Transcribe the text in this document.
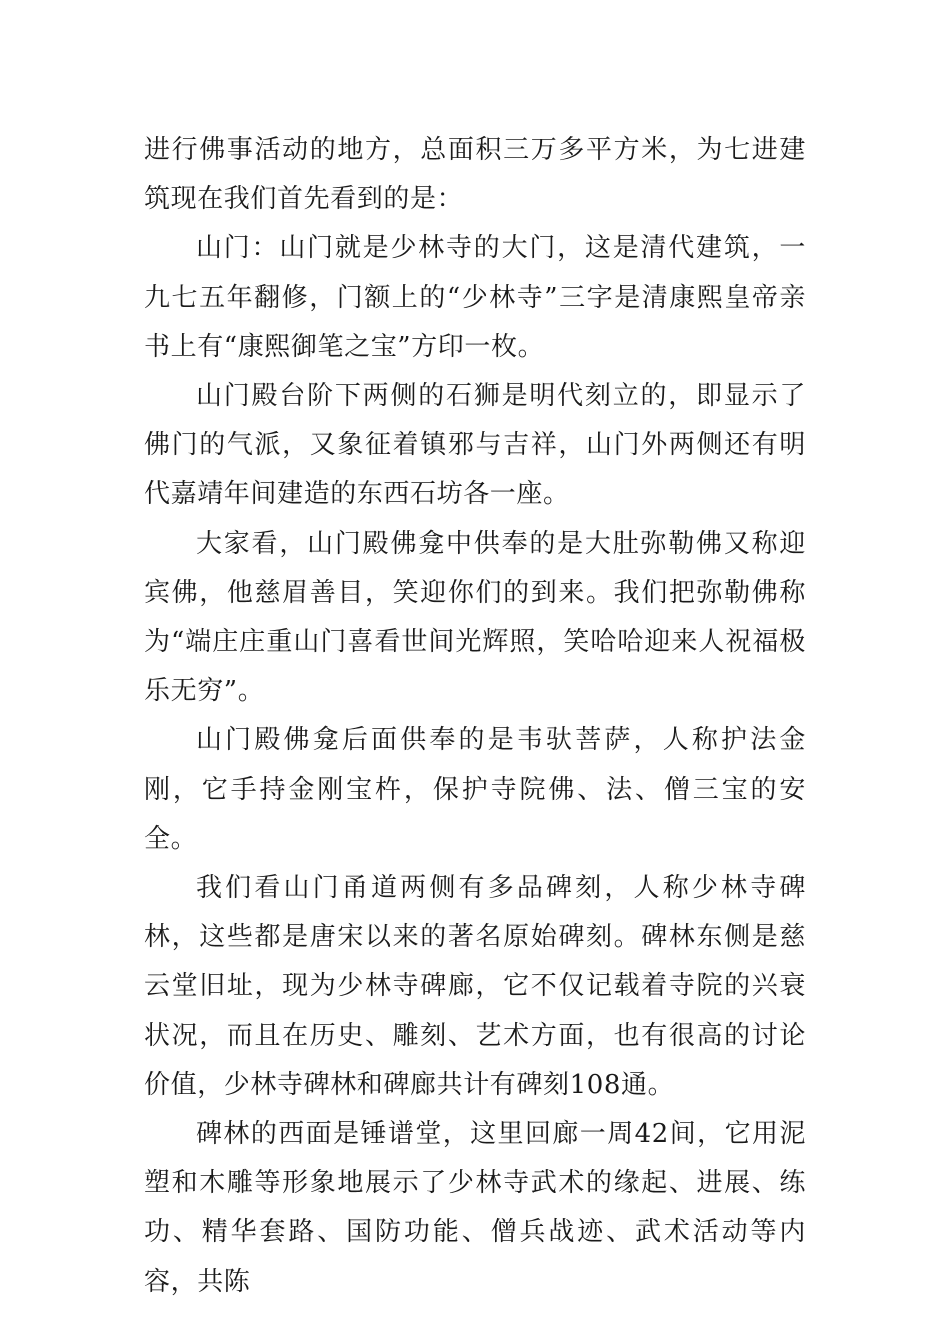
进行佛事活动的地方，总面积三万多平方米，为七进建筑现在我们首先看到的是：

山门：山门就是少林寺的大门，这是清代建筑，一九七五年翻修，门额上的“少林寺”三字是清康熙皇帝亲书上有“康熙御笔之宝”方印一枚。

山门殿台阶下两侧的石狮是明代刻立的，即显示了佛门的气派，又象征着镇邪与吉祥，山门外两侧还有明代嘉靖年间建造的东西石坊各一座。

大家看，山门殿佛龛中供奉的是大肚弥勒佛又称迎宾佛，他慈眉善目，笑迎你们的到来。我们把弥勒佛称为“端庄庄重山门喜看世间光辉照，笑哈哈迎来人祝福极乐无穷”。

山门殿佛龛后面供奉的是韦驮菩萨，人称护法金刚，它手持金刚宝杵，保护寺院佛、法、僧三宝的安全。

我们看山门甬道两侧有多品碑刻，人称少林寺碑林，这些都是唐宋以来的著名原始碑刻。碑林东侧是慈云堂旧址，现为少林寺碑廊，它不仅记载着寺院的兴衰状况，而且在历史、雕刻、艺术方面，也有很高的讨论价值，少林寺碑林和碑廊共计有碑刻108通。

碑林的西面是锤谱堂，这里回廊一周42间，它用泥塑和木雕等形象地展示了少林寺武术的缘起、进展、练功、精华套路、国防功能、僧兵战迹、武术活动等内容，共陈
